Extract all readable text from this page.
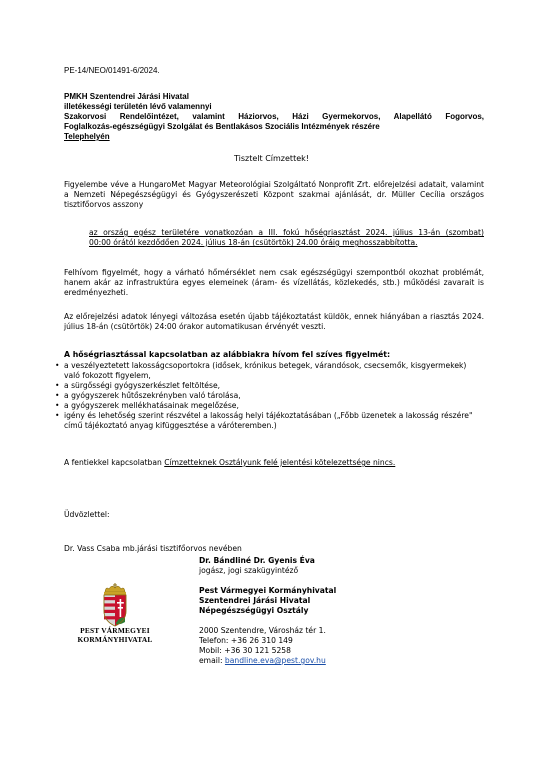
PE-14/NEO/01491-6/2024.
PMKH Szentendrei Járási Hivatal
illetékességi területén lévő valamennyi
Szakorvosi Rendelőintézet, valamint Háziorvos, Házi Gyermekorvos, Alapellátó Fogorvos,
Foglalkozás-egészségügyi Szolgálat és Bentlakásos Szociális Intézmények részére
Telephelyén
Tisztelt Címzettek!
Figyelembe véve a HungaroMet Magyar Meteorológiai Szolgáltató Nonprofit Zrt. előrejelzési adatait, valamint a Nemzeti Népegészségügyi és Gyógyszerészeti Központ szakmai ajánlását, dr. Müller Cecília országos tisztifőorvos asszony
az ország egész területére vonatkozóan a III. fokú hőségriasztást 2024. július 13-án (szombat)
00:00 órától kezdődően 2024. július 18-án (csütörtök) 24.00 óráig meghosszabbította.
Felhívom figyelmét, hogy a várható hőmérséklet nem csak egészségügyi szempontból okozhat problémát, hanem akár az infrastruktúra egyes elemeinek (áram- és vízellátás, közlekedés, stb.) működési zavarait is eredményezheti.
Az előrejelzési adatok lényegi változása esetén újabb tájékoztatást küldök, ennek hiányában a riasztás 2024. július 18-án (csütörtök) 24:00 órakor automatikusan érvényét veszti.
A hőségriasztással kapcsolatban az alábbiakra hívom fel szíves figyelmét:
• a veszélyeztetett lakosságcsoportokra (idősek, krónikus betegek, várandósok, csecsemők, kisgyermekek) való fokozott figyelem,
• a sürgősségi gyógyszerkészlet feltöltése,
• a gyógyszerek hűtőszekrényben való tárolása,
• a gyógyszerek mellékhatásainak megelőzése,
• igény és lehetőség szerint részvétel a lakosság helyi tájékoztatásában („Főbb üzenetek a lakosság részére" című tájékoztató anyag kifüggesztése a váróteremben.)
A fentiekkel kapcsolatban Címzetteknek Osztályunk felé jelentési kötelezettsége nincs.
Üdvözlettel:
Dr. Vass Csaba mb.járási tisztifőorvos nevében
Dr. Bándliné Dr. Gyenis Éva
jogász, jogi szakügyintéző
Pest Vármegyei Kormányhivatal
Szentendrei Járási Hivatal
Népegészségügyi Osztály
2000 Szentendre, Városház tér 1.
Telefon: +36 26 310 149
Mobil: +36 30 121 5258
email: bandline.eva@pest.gov.hu
PEST VÁRMEGYEI
KORMÁNYHIVATAL
